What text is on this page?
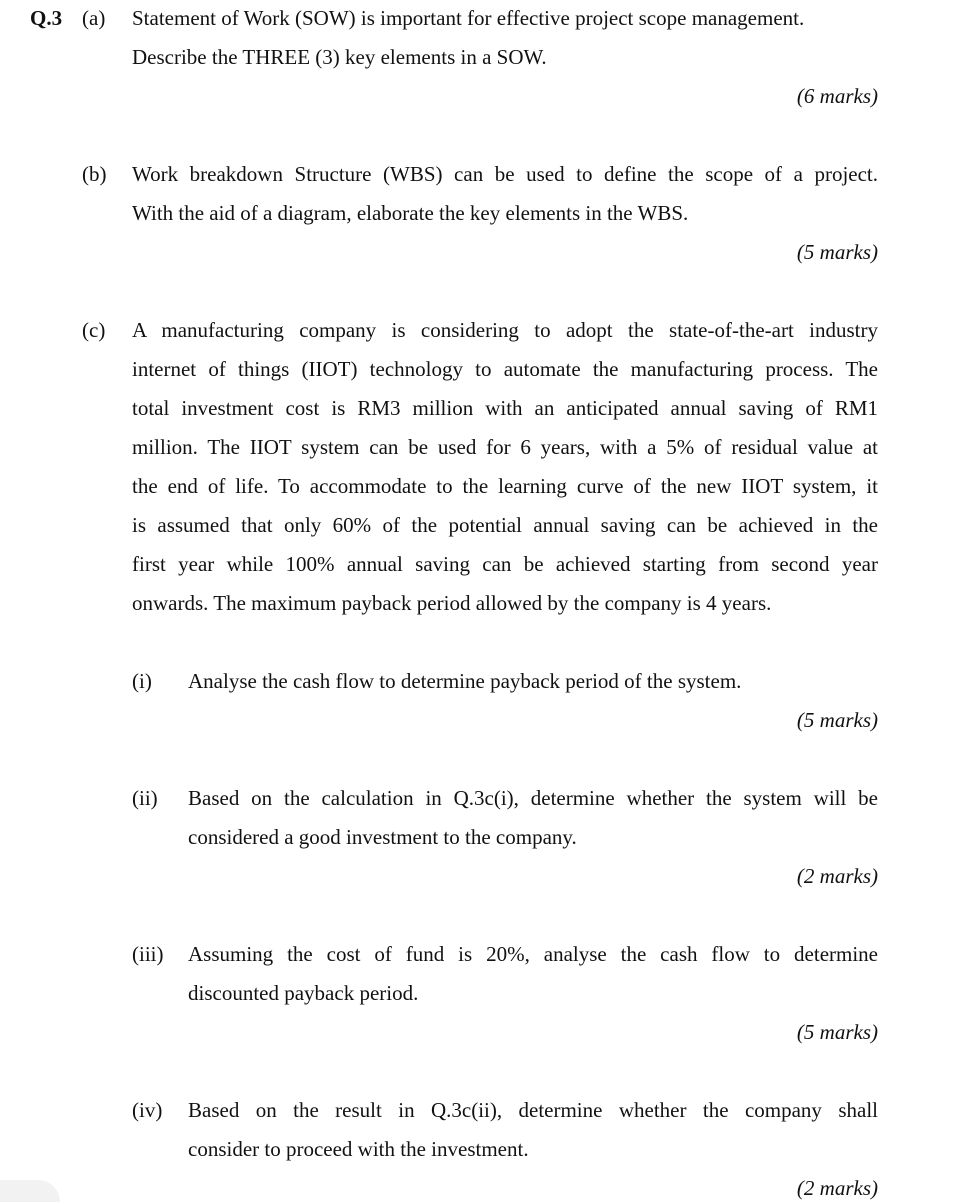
Q.3 (a) Statement of Work (SOW) is important for effective project scope management.
Describe the THREE (3) key elements in a SOW.
(6 marks)
(b) Work breakdown Structure (WBS) can be used to define the scope of a project.
With the aid of a diagram, elaborate the key elements in the WBS.
(5 marks)
(c) A manufacturing company is considering to adopt the state-of-the-art industry
internet of things (IIOT) technology to automate the manufacturing process. The
total investment cost is RM3 million with an anticipated annual saving of RM1
million. The IIOT system can be used for 6 years, with a 5% of residual value at
the end of life. To accommodate to the learning curve of the new IIOT system, it
is assumed that only 60% of the potential annual saving can be achieved in the
first year while 100% annual saving can be achieved starting from second year
onwards. The maximum payback period allowed by the company is 4 years.
(i) Analyse the cash flow to determine payback period of the system.
(5 marks)
(ii) Based on the calculation in Q.3c(i), determine whether the system will be
considered a good investment to the company.
(2 marks)
(iii) Assuming the cost of fund is 20%, analyse the cash flow to determine
discounted payback period.
(5 marks)
(iv) Based on the result in Q.3c(ii), determine whether the company shall
consider to proceed with the investment.
(2 marks)
